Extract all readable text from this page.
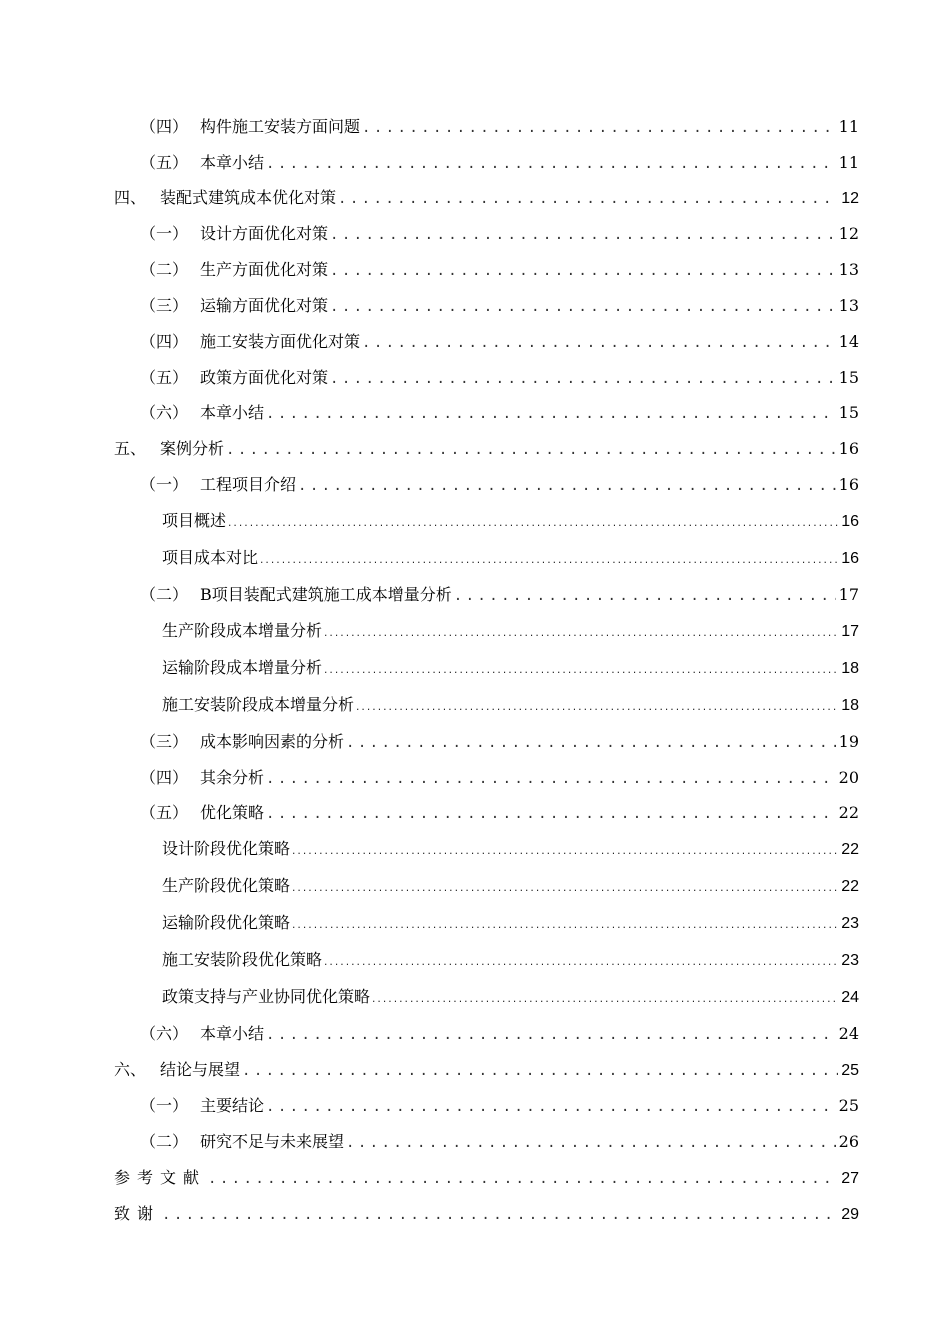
（四） 构件施工安装方面问题 .....	11
（五） 本章小结 .....	11
四、 装配式建筑成本优化对策 .....	12
（一） 设计方面优化对策 .....	12
（二） 生产方面优化对策 .....	13
（三） 运输方面优化对策 .....	13
（四） 施工安装方面优化对策 .....	14
（五） 政策方面优化对策 .....	15
（六） 本章小结 .....	15
五、 案例分析 .....	16
（一） 工程项目介绍 .....	16
项目概述 .....	16
项目成本对比 .....	16
（二） B项目装配式建筑施工成本增量分析 .....	17
生产阶段成本增量分析 .....	17
运输阶段成本增量分析 .....	18
施工安装阶段成本增量分析 .....	18
（三） 成本影响因素的分析 .....	19
（四） 其余分析 .....	20
（五） 优化策略 .....	22
设计阶段优化策略 .....	22
生产阶段优化策略 .....	22
运输阶段优化策略 .....	23
施工安装阶段优化策略 .....	23
政策支持与产业协同优化策略 .....	24
（六） 本章小结 .....	24
六、 结论与展望 .....	25
（一） 主要结论 .....	25
（二） 研究不足与未来展望 .....	26
参考文献 .....	27
致谢 .....	29
